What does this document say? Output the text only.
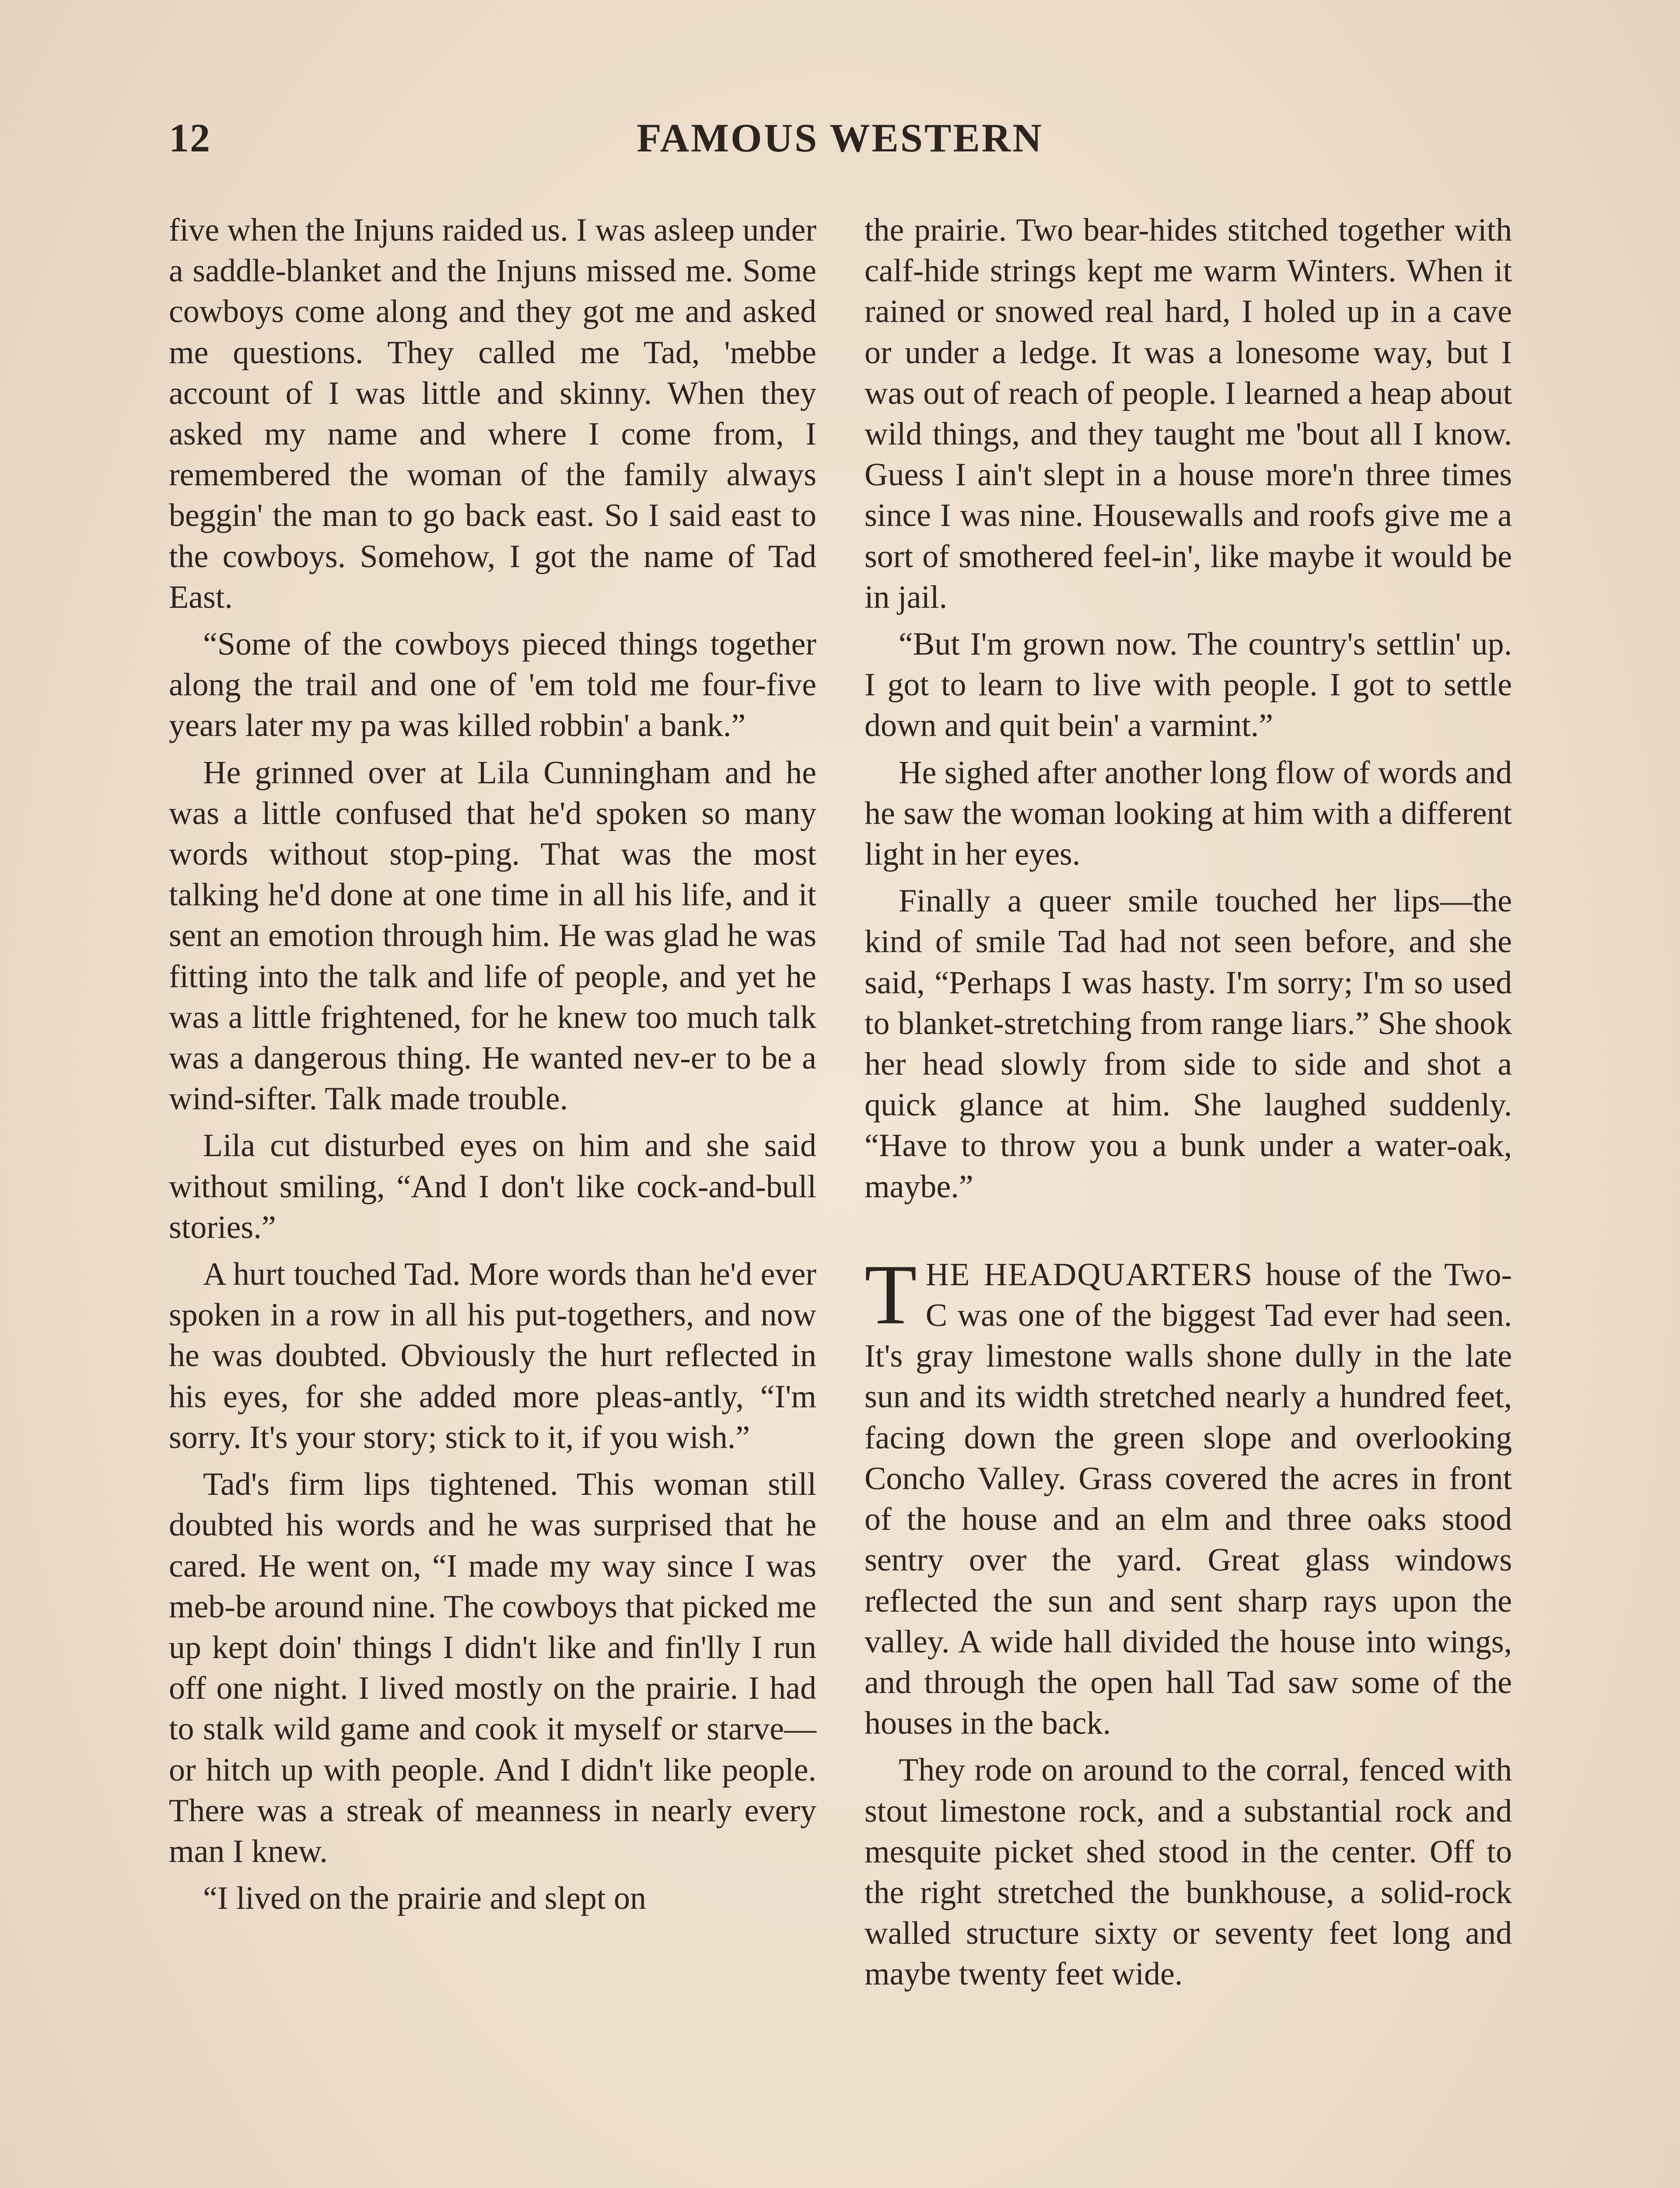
12	FAMOUS WESTERN

five when the Injuns raided us. I was asleep under a saddle-blanket and the Injuns missed me. Some cowboys come along and they got me and asked me questions. They called me Tad, 'mebbe account of I was little and skinny. When they asked my name and where I come from, I remembered the woman of the family always beggin' the man to go back east. So I said east to the cowboys. Somehow, I got the name of Tad East.

“Some of the cowboys pieced things together along the trail and one of 'em told me four-five years later my pa was killed robbin' a bank.”

He grinned over at Lila Cunningham and he was a little confused that he'd spoken so many words without stop-ping. That was the most talking he'd done at one time in all his life, and it sent an emotion through him. He was glad he was fitting into the talk and life of people, and yet he was a little frightened, for he knew too much talk was a dangerous thing. He wanted nev-er to be a wind-sifter. Talk made trouble.

Lila cut disturbed eyes on him and she said without smiling, “And I don't like cock-and-bull stories.”

A hurt touched Tad. More words than he'd ever spoken in a row in all his put-togethers, and now he was doubted. Obviously the hurt reflected in his eyes, for she added more pleas-antly, “I'm sorry. It's your story; stick to it, if you wish.”

Tad's firm lips tightened. This woman still doubted his words and he was surprised that he cared. He went on, “I made my way since I was meb-be around nine. The cowboys that picked me up kept doin' things I didn't like and fin'lly I run off one night. I lived mostly on the prairie. I had to stalk wild game and cook it myself or starve—or hitch up with people. And I didn't like people. There was a streak of meanness in nearly every man I knew.

“I lived on the prairie and slept on

the prairie. Two bear-hides stitched together with calf-hide strings kept me warm Winters. When it rained or snowed real hard, I holed up in a cave or under a ledge. It was a lonesome way, but I was out of reach of people. I learned a heap about wild things, and they taught me 'bout all I know. Guess I ain't slept in a house more'n three times since I was nine. Housewalls and roofs give me a sort of smothered feel-in', like maybe it would be in jail.

“But I'm grown now. The country's settlin' up. I got to learn to live with people. I got to settle down and quit bein' a varmint.”

He sighed after another long flow of words and he saw the woman looking at him with a different light in her eyes.

Finally a queer smile touched her lips—the kind of smile Tad had not seen before, and she said, “Perhaps I was hasty. I'm sorry; I'm so used to blanket-stretching from range liars.” She shook her head slowly from side to side and shot a quick glance at him. She laughed suddenly. “Have to throw you a bunk under a water-oak, maybe.”

THE HEADQUARTERS house of the Two-C was one of the biggest Tad ever had seen. It's gray limestone walls shone dully in the late sun and its width stretched nearly a hundred feet, facing down the green slope and overlooking Concho Valley. Grass covered the acres in front of the house and an elm and three oaks stood sentry over the yard. Great glass windows reflected the sun and sent sharp rays upon the valley. A wide hall divided the house into wings, and through the open hall Tad saw some of the houses in the back.

They rode on around to the corral, fenced with stout limestone rock, and a substantial rock and mesquite picket shed stood in the center. Off to the right stretched the bunkhouse, a solid-rock walled structure sixty or seventy feet long and maybe twenty feet wide.
